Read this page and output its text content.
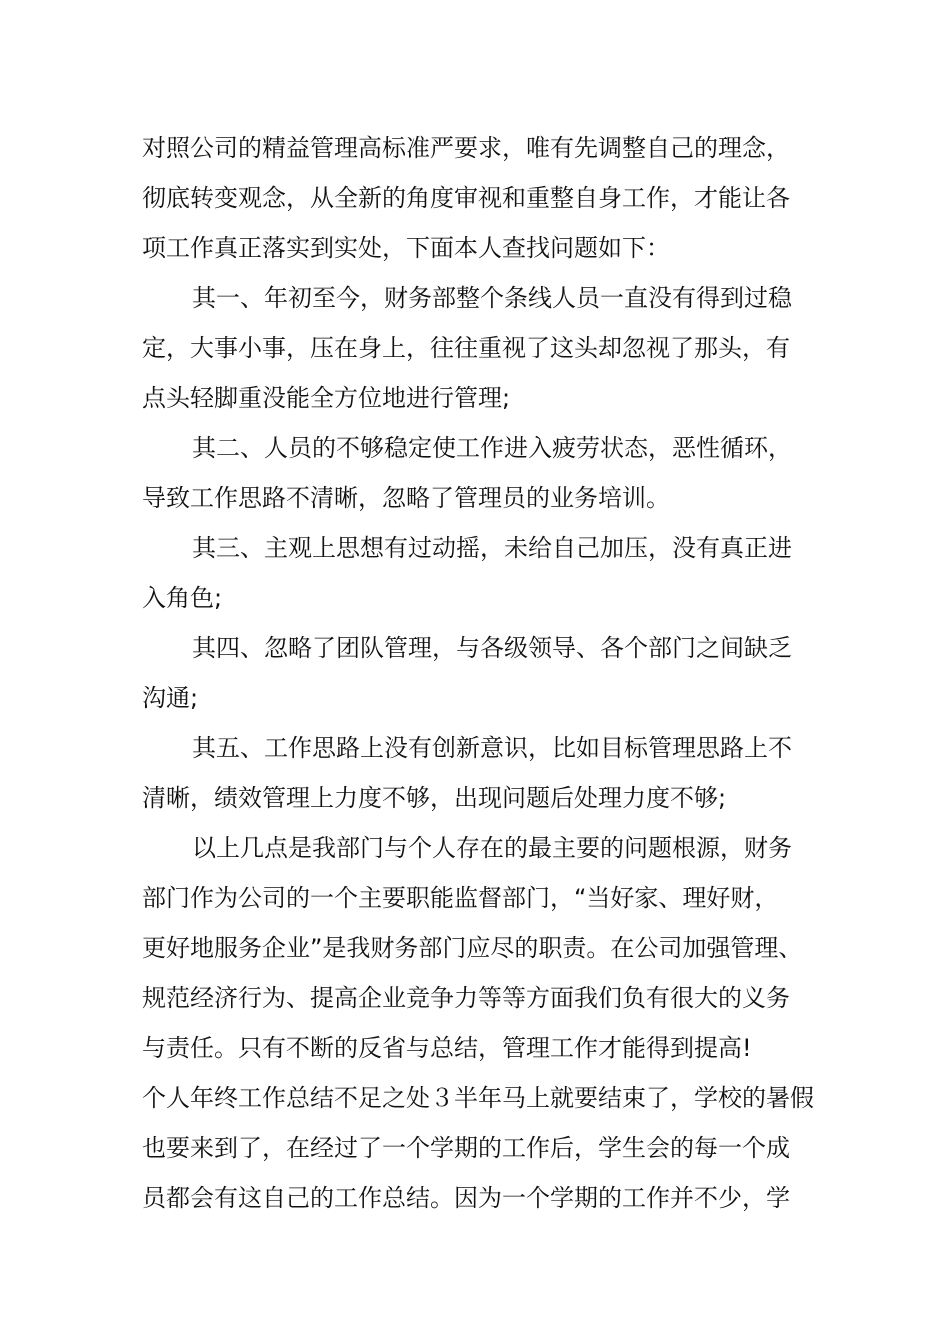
对照公司的精益管理高标准严要求，唯有先调整自己的理念，
彻底转变观念，从全新的角度审视和重整自身工作，才能让各
项工作真正落实到实处，下面本人查找问题如下：
其一、年初至今，财务部整个条线人员一直没有得到过稳
定，大事小事，压在身上，往往重视了这头却忽视了那头，有
点头轻脚重没能全方位地进行管理;
其二、人员的不够稳定使工作进入疲劳状态，恶性循环，
导致工作思路不清晰，忽略了管理员的业务培训。
其三、主观上思想有过动摇，未给自己加压，没有真正进
入角色;
其四、忽略了团队管理，与各级领导、各个部门之间缺乏
沟通;
其五、工作思路上没有创新意识，比如目标管理思路上不
清晰，绩效管理上力度不够，出现问题后处理力度不够;
以上几点是我部门与个人存在的最主要的问题根源，财务
部门作为公司的一个主要职能监督部门，“当好家、理好财，
更好地服务企业”是我财务部门应尽的职责。在公司加强管理、
规范经济行为、提高企业竞争力等等方面我们负有很大的义务
与责任。只有不断的反省与总结，管理工作才能得到提高!
个人年终工作总结不足之处３半年马上就要结束了，学校的暑假
也要来到了，在经过了一个学期的工作后，学生会的每一个成
员都会有这自己的工作总结。因为一个学期的工作并不少，学
